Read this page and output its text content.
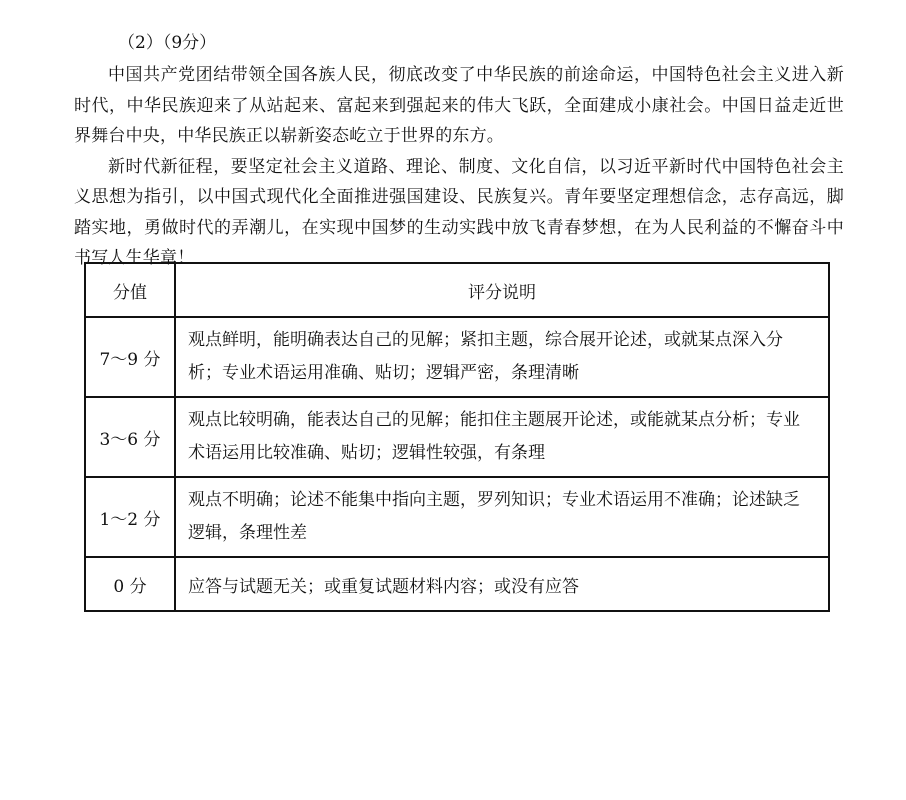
（2）（9分）

中国共产党团结带领全国各族人民，彻底改变了中华民族的前途命运，中国特色社会主义进入新时代，中华民族迎来了从站起来、富起来到强起来的伟大飞跃，全面建成小康社会。中国日益走近世界舞台中央，中华民族正以崭新姿态屹立于世界的东方。

新时代新征程，要坚定社会主义道路、理论、制度、文化自信，以习近平新时代中国特色社会主义思想为指引，以中国式现代化全面推进强国建设、民族复兴。青年要坚定理想信念，志存高远，脚踏实地，勇做时代的弄潮儿，在实现中国梦的生动实践中放飞青春梦想，在为人民利益的不懈奋斗中书写人生华章！

分值	评分说明
7～9 分	观点鲜明，能明确表达自己的见解；紧扣主题，综合展开论述，或就某点深入分析；专业术语运用准确、贴切；逻辑严密，条理清晰
3～6 分	观点比较明确，能表达自己的见解；能扣住主题展开论述，或能就某点分析；专业术语运用比较准确、贴切；逻辑性较强，有条理
1～2 分	观点不明确；论述不能集中指向主题，罗列知识；专业术语运用不准确；论述缺乏逻辑，条理性差
0 分	应答与试题无关；或重复试题材料内容；或没有应答
